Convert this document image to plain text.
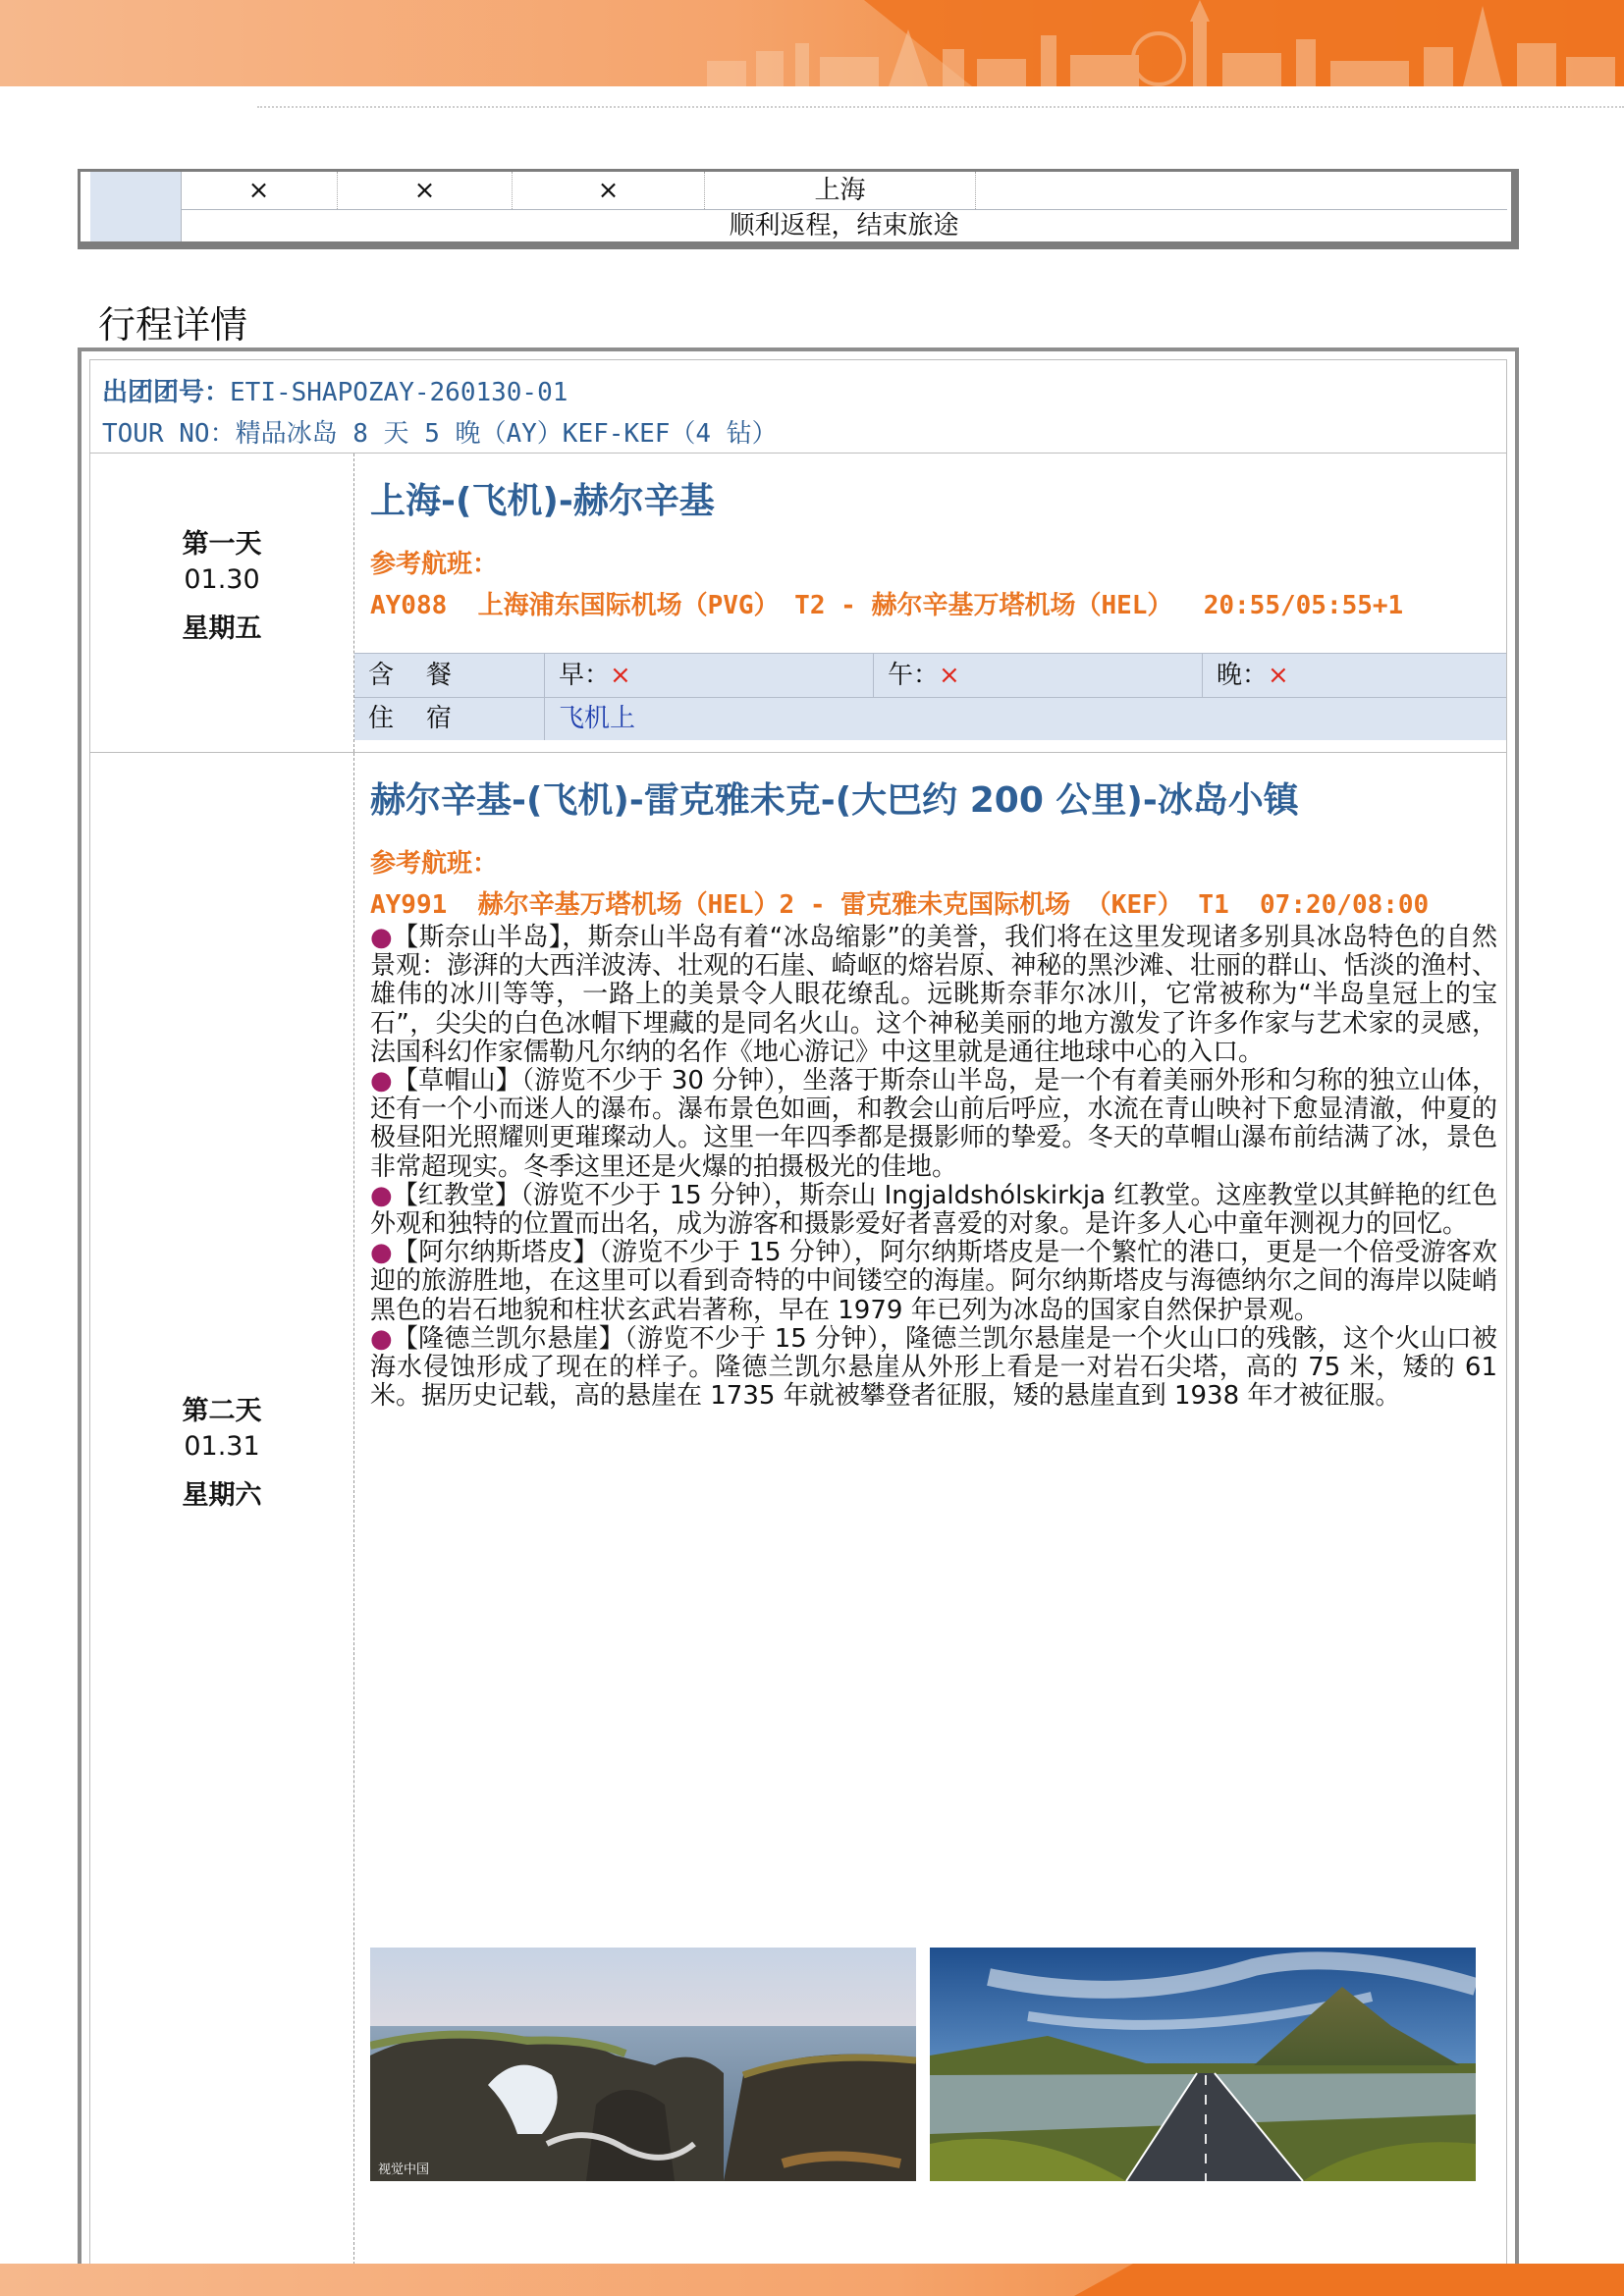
×	×	×	上海
顺利返程，结束旅途
行程详情
出团团号：ETI-SHAPOZAY-260130-01
TOUR NO：精品冰岛 8 天 5 晚（AY）KEF-KEF（4 钻）
第一天
01.30
星期五
上海-(飞机)-赫尔辛基
参考航班：
AY088  上海浦东国际机场（PVG） T2 - 赫尔辛基万塔机场（HEL）  20:55/05:55+1
含    餐	早：×	午：×	晚：×
住    宿	飞机上
第二天
01.31
星期六
赫尔辛基-(飞机)-雷克雅未克-(大巴约 200 公里)-冰岛小镇
参考航班：
AY991  赫尔辛基万塔机场（HEL）2 - 雷克雅未克国际机场 （KEF） T1  07:20/08:00

●【斯奈山半岛】，斯奈山半岛有着“冰岛缩影”的美誉，我们将在这里发现诸多别具冰岛特色的自然景观：澎湃的大西洋波涛、壮观的石崖、崎岖的熔岩原、神秘的黑沙滩、壮丽的群山、恬淡的渔村、雄伟的冰川等等，一路上的美景令人眼花缭乱。远眺斯奈菲尔冰川，它常被称为“半岛皇冠上的宝石”，尖尖的白色冰帽下埋藏的是同名火山。这个神秘美丽的地方激发了许多作家与艺术家的灵感，法国科幻作家儒勒凡尔纳的名作《地心游记》中这里就是通往地球中心的入口。

●【草帽山】（游览不少于 30 分钟），坐落于斯奈山半岛，是一个有着美丽外形和匀称的独立山体，还有一个小而迷人的瀑布。瀑布景色如画，和教会山前后呼应，水流在青山映衬下愈显清澈，仲夏的极昼阳光照耀则更璀璨动人。这里一年四季都是摄影师的挚爱。冬天的草帽山瀑布前结满了冰，景色非常超现实。冬季这里还是火爆的拍摄极光的佳地。

●【红教堂】（游览不少于 15 分钟），斯奈山 Ingjaldshólskirkja 红教堂。这座教堂以其鲜艳的红色外观和独特的位置而出名，成为游客和摄影爱好者喜爱的对象。是许多人心中童年测视力的回忆。

●【阿尔纳斯塔皮】（游览不少于 15 分钟），阿尔纳斯塔皮是一个繁忙的港口，更是一个倍受游客欢迎的旅游胜地，在这里可以看到奇特的中间镂空的海崖。阿尔纳斯塔皮与海德纳尔之间的海岸以陡峭黑色的岩石地貌和柱状玄武岩著称，早在 1979 年已列为冰岛的国家自然保护景观。

●【隆德兰凯尔悬崖】（游览不少于 15 分钟），隆德兰凯尔悬崖是一个火山口的残骸，这个火山口被海水侵蚀形成了现在的样子。隆德兰凯尔悬崖从外形上看是一对岩石尖塔，高的 75 米，矮的 61 米。据历史记载，高的悬崖在 1735 年就被攀登者征服，矮的悬崖直到 1938 年才被征服。

视觉中国
